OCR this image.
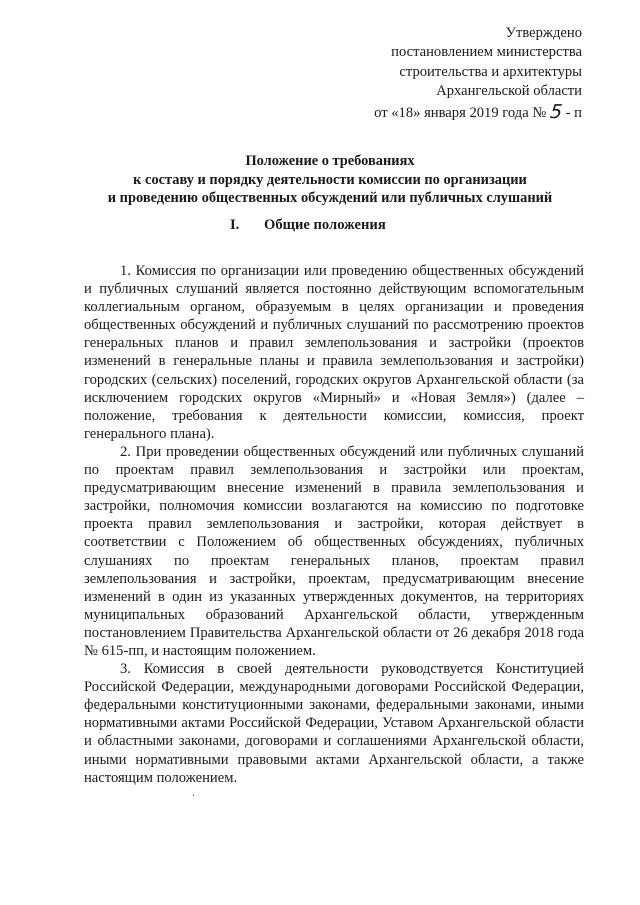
Утверждено
постановлением министерства
строительства и архитектуры
Архангельской области
от «18» января 2019 года № 5 - п
Положение о требованиях
к составу и порядку деятельности комиссии по организации
и проведению общественных обсуждений или публичных слушаний
I. Общие положения

1. Комиссия по организации или проведению общественных обсуждений и публичных слушаний является постоянно действующим вспомогательным коллегиальным органом, образуемым в целях организации и проведения общественных обсуждений и публичных слушаний по рассмотрению проектов генеральных планов и правил землепользования и застройки (проектов изменений в генеральные планы и правила землепользования и застройки) городских (сельских) поселений, городских округов Архангельской области (за исключением городских округов «Мирный» и «Новая Земля») (далее – положение, требования к деятельности комиссии, комиссия, проект генерального плана).

2. При проведении общественных обсуждений или публичных слушаний по проектам правил землепользования и застройки или проектам, предусматривающим внесение изменений в правила землепользования и застройки, полномочия комиссии возлагаются на комиссию по подготовке проекта правил землепользования и застройки, которая действует в соответствии с Положением об общественных обсуждениях, публичных слушаниях по проектам генеральных планов, проектам правил землепользования и застройки, проектам, предусматривающим внесение изменений в один из указанных утвержденных документов, на территориях муниципальных образований Архангельской области, утвержденным постановлением Правительства Архангельской области от 26 декабря 2018 года № 615-пп, и настоящим положением.

3. Комиссия в своей деятельности руководствуется Конституцией Российской Федерации, международными договорами Российской Федерации, федеральными конституционными законами, федеральными законами, иными нормативными актами Российской Федерации, Уставом Архангельской области и областными законами, договорами и соглашениями Архангельской области, иными нормативными правовыми актами Архангельской области, а также настоящим положением.
